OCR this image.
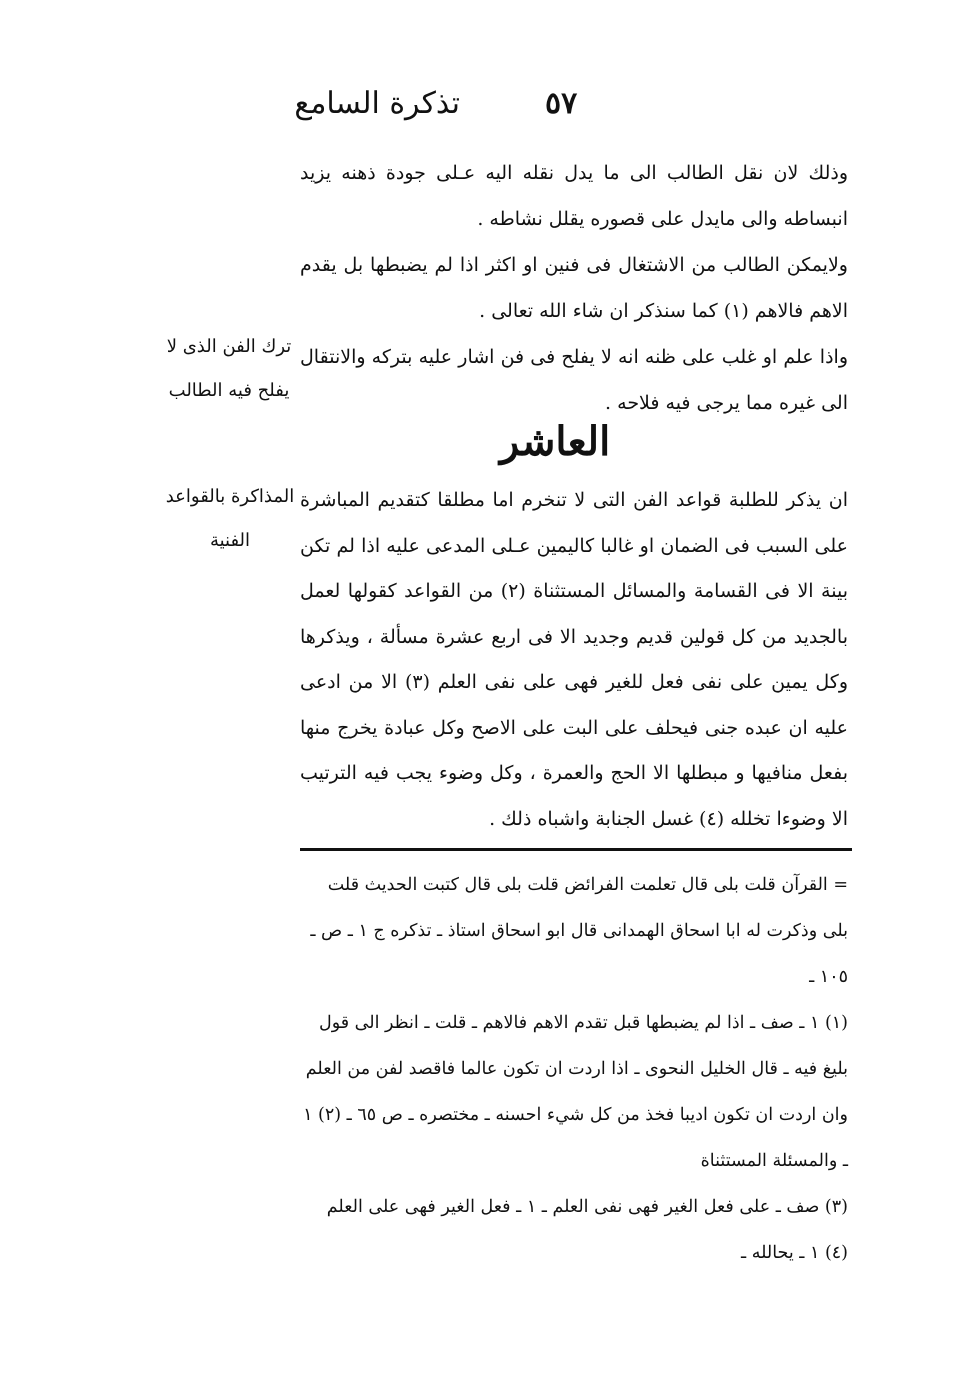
تذكرة السامع	٥٧

وذلك لان نقل الطالب الى ما يدل نقله اليه عـلى جودة ذهنه يزيد انبساطه والى مايدل على قصوره يقلل نشاطه .

ولايمكن الطالب من الاشتغال فى فنين او اكثر اذا لم يضبطها بل يقدم الاهم فالاهم (١) كما سنذكر ان شاء الله تعالى .

واذا علم او غلب على ظنه انه لا يفلح فى فن اشار عليه بتركه والانتقال الى غيره مما يرجى فيه فلاحه .

ترك الفن الذى لا يفلح فيه الطالب
العاشر
المذاكرة بالقواعد الفنية

ان يذكر للطلبة قواعد الفن التى لا تنخرم اما مطلقا كتقديم المباشرة على السبب فى الضمان او غالبا كاليمين عـلى المدعى عليه اذا لم تكن بينة الا فى القسامة والمسائل المستثناة (٢) من القواعد كقولها لعمل بالجديد من كل قولين قديم وجديد الا فى اربع عشرة مسألة ، ويذكرها وكل يمين على نفى فعل للغير فهى على نفى العلم (٣) الا من ادعى عليه ان عبده جنى فيحلف على البت على الاصح وكل عبادة يخرج منها بفعل منافيها و مبطلها الا الحج والعمرة ، وكل وضوء يجب فيه الترتيب الا وضوءا تخلله (٤) غسل الجنابة واشباه ذلك .

= القرآن قلت بلى قال تعلمت الفرائض قلت بلى قال كتبت الحديث قلت بلى وذكرت له ابا اسحاق الهمدانى قال ابو اسحاق استاذ ـ تذكره ج ١ ـ ص ـ ١٠٥ ـ

(١) ١ ـ صف ـ اذا لم يضبطها قبل تقدم الاهم فالاهم ـ قلت ـ انظر الى قول بليغ فيه ـ قال الخليل النحوى ـ اذا اردت ان تكون عالما فاقصد لفن من العلم وان اردت ان تكون اديبا فخذ من كل شيء احسنه ـ مختصره ـ ص ٦٥ ـ (٢) ١ ـ والمسئلة المستثناة

(٣) صف ـ على فعل الغير فهى نفى العلم ـ ١ ـ فعل الغير فهى على العلم

(٤) ١ ـ يحالله ـ
